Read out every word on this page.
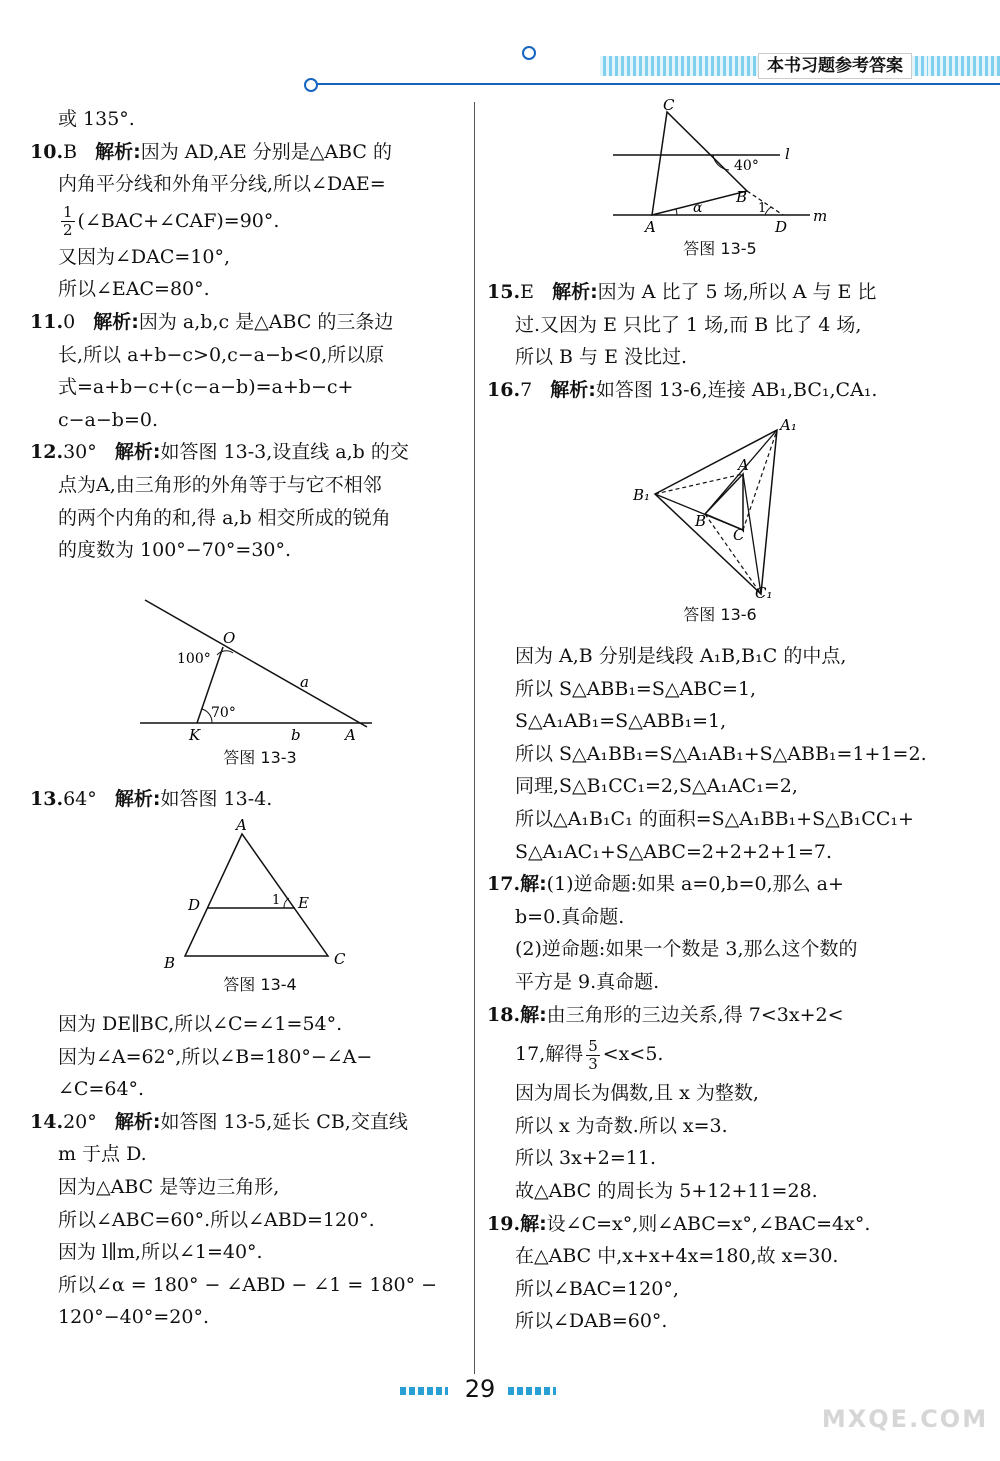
本书习题参考答案
或 135°.
10.B 解析:因为 AD,AE 分别是△ABC 的
内角平分线和外角平分线,所以∠DAE=
$\frac{1}{2}$ (∠BAC+∠CAF)=90°.
又因为∠DAC=10°,
所以∠EAC=80°.
11.0 解析:因为 a,b,c 是△ABC 的三条边
长,所以 a+b−c>0,c−a−b<0,所以原
式=a+b−c+(c−a−b)=a+b−c+
c−a−b=0.
12.30° 解析:如答图 13-3,设直线 a,b 的交
点为A,由三角形的外角等于与它不相邻
的两个内角的和,得 a,b 相交所成的锐角
的度数为 100°−70°=30°.
O
K	A
a
b
100°
70°
答图 13-3
13.64° 解析:如答图 13-4.
A
B	C
D	E
1
答图 13-4
因为 DE∥BC,所以∠C=∠1=54°.
因为∠A=62°,所以∠B=180°−∠A−
∠C=64°.
14.20° 解析:如答图 13-5,延长 CB,交直线
m 于点 D.
因为△ABC 是等边三角形,
所以∠ABC=60°.所以∠ABD=120°.
因为 l∥m,所以∠1=40°.
所以∠α = 180° − ∠ABD − ∠1 = 180° −
120°−40°=20°.
C
B
A	D
l
m
40°
α	1
答图 13-5
15.E 解析:因为 A 比了 5 场,所以 A 与 E 比
过.又因为 E 只比了 1 场,而 B 比了 4 场,
所以 B 与 E 没比过.
16.7 解析:如答图 13-6,连接 AB₁,BC₁,CA₁.
A₁
B₁
C₁
A
B
C
答图 13-6
因为 A,B 分别是线段 A₁B,B₁C 的中点,
所以 S△ABB₁=S△ABC=1,
S△A₁AB₁=S△ABB₁=1,
所以 S△A₁BB₁=S△A₁AB₁+S△ABB₁=1+1=2.
同理,S△B₁CC₁=2,S△A₁AC₁=2,
所以△A₁B₁C₁ 的面积=S△A₁BB₁+S△B₁CC₁+
S△A₁AC₁+S△ABC=2+2+2+1=7.
17.解:(1)逆命题:如果 a=0,b=0,那么 a+
b=0.真命题.
(2)逆命题:如果一个数是 3,那么这个数的
平方是 9.真命题.
18.解:由三角形的三边关系,得 7<3x+2<
17,解得 $\frac{5}{3} <x<5$.
因为周长为偶数,且 x 为整数,
所以 x 为奇数.所以 x=3.
所以 3x+2=11.
故△ABC 的周长为 5+12+11=28.
19.解:设∠C=x°,则∠ABC=x°,∠BAC=4x°.
在△ABC 中,x+x+4x=180,故 x=30.
所以∠BAC=120°,
所以∠DAB=60°.
29
MXQE.COM
